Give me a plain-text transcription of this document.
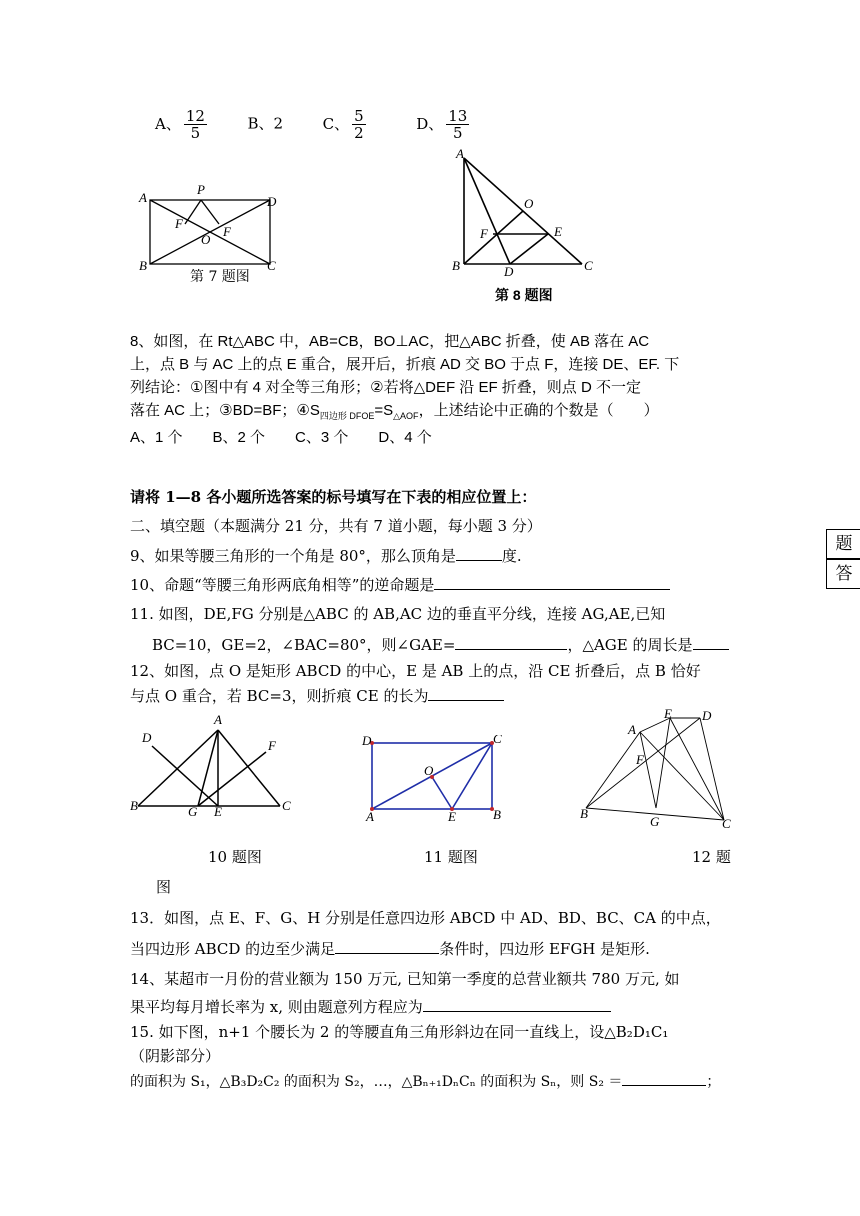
A、 $\frac{12}{5}$	B、2	C、 $\frac{5}{2}$	D、 $\frac{13}{5}$
A
P
D
F
O
F
B	C
第 7 题图
A
O
F	E
B	D	C
第 8 题图
8、如图，在 Rt△ABC 中，AB=CB，BO⊥AC，把△ABC 折叠，使 AB 落在 AC
上，点 B 与 AC 上的点 E 重合，展开后，折痕 AD 交 BO 于点 F，连接 DE、EF. 下
列结论：①图中有 4 对全等三角形；②若将△DEF 沿 EF 折叠，则点 D 不一定
落在 AC 上；③BD=BF；$④S_{四边形 DFOE}=S_{\triangle AOF}$，上述结论中正确的个数是（　　）
A、1 个　　B、2 个　　C、3 个　　D、4 个
请将 1—8 各小题所选答案的标号填写在下表的相应位置上：
二、填空题（本题满分 21 分，共有 7 道小题，每小题 3 分）
9、如果等腰三角形的一个角是 80°，那么顶角是	度.
10、命题“等腰三角形两底角相等”的逆命题是
11. 如图，DE,FG 分别是△ABC 的 AB,AC 边的垂直平分线，连接 AG,AE,已知
BC=10，GE=2，∠BAC=80°，则∠GAE=	，△AGE 的周长是
12、如图，点 O 是矩形 ABCD 的中心，E 是 AB 上的点，沿 CE 折叠后，点 B 恰好
与点 O 重合，若 BC=3，则折痕 CE 的长为
D
A
F
B	G E	C
10 题图
D	C
O
A	E	B
11 题图
E D
A
F
B
G	C
12 题
图
13．如图，点 E、F、G、H 分别是任意四边形 ABCD 中 AD、BD、BC、CA 的中点，
当四边形 ABCD 的边至少满足	条件时，四边形 EFGH 是矩形.
14、某超市一月份的营业额为 150 万元, 已知第一季度的总营业额共 780 万元, 如
果平均每月增长率为 x, 则由题意列方程应为
15. 如下图，n+1 个腰长为 2 的等腰直角三角形斜边在同一直线上，设△B₂D₁C₁
（阴影部分）
的面积为 S₁，△B₃D₂C₂ 的面积为 S₂，…，△Bₙ₊₁DₙCₙ 的面积为 Sₙ，则 S₂ ＝	；
题
答
